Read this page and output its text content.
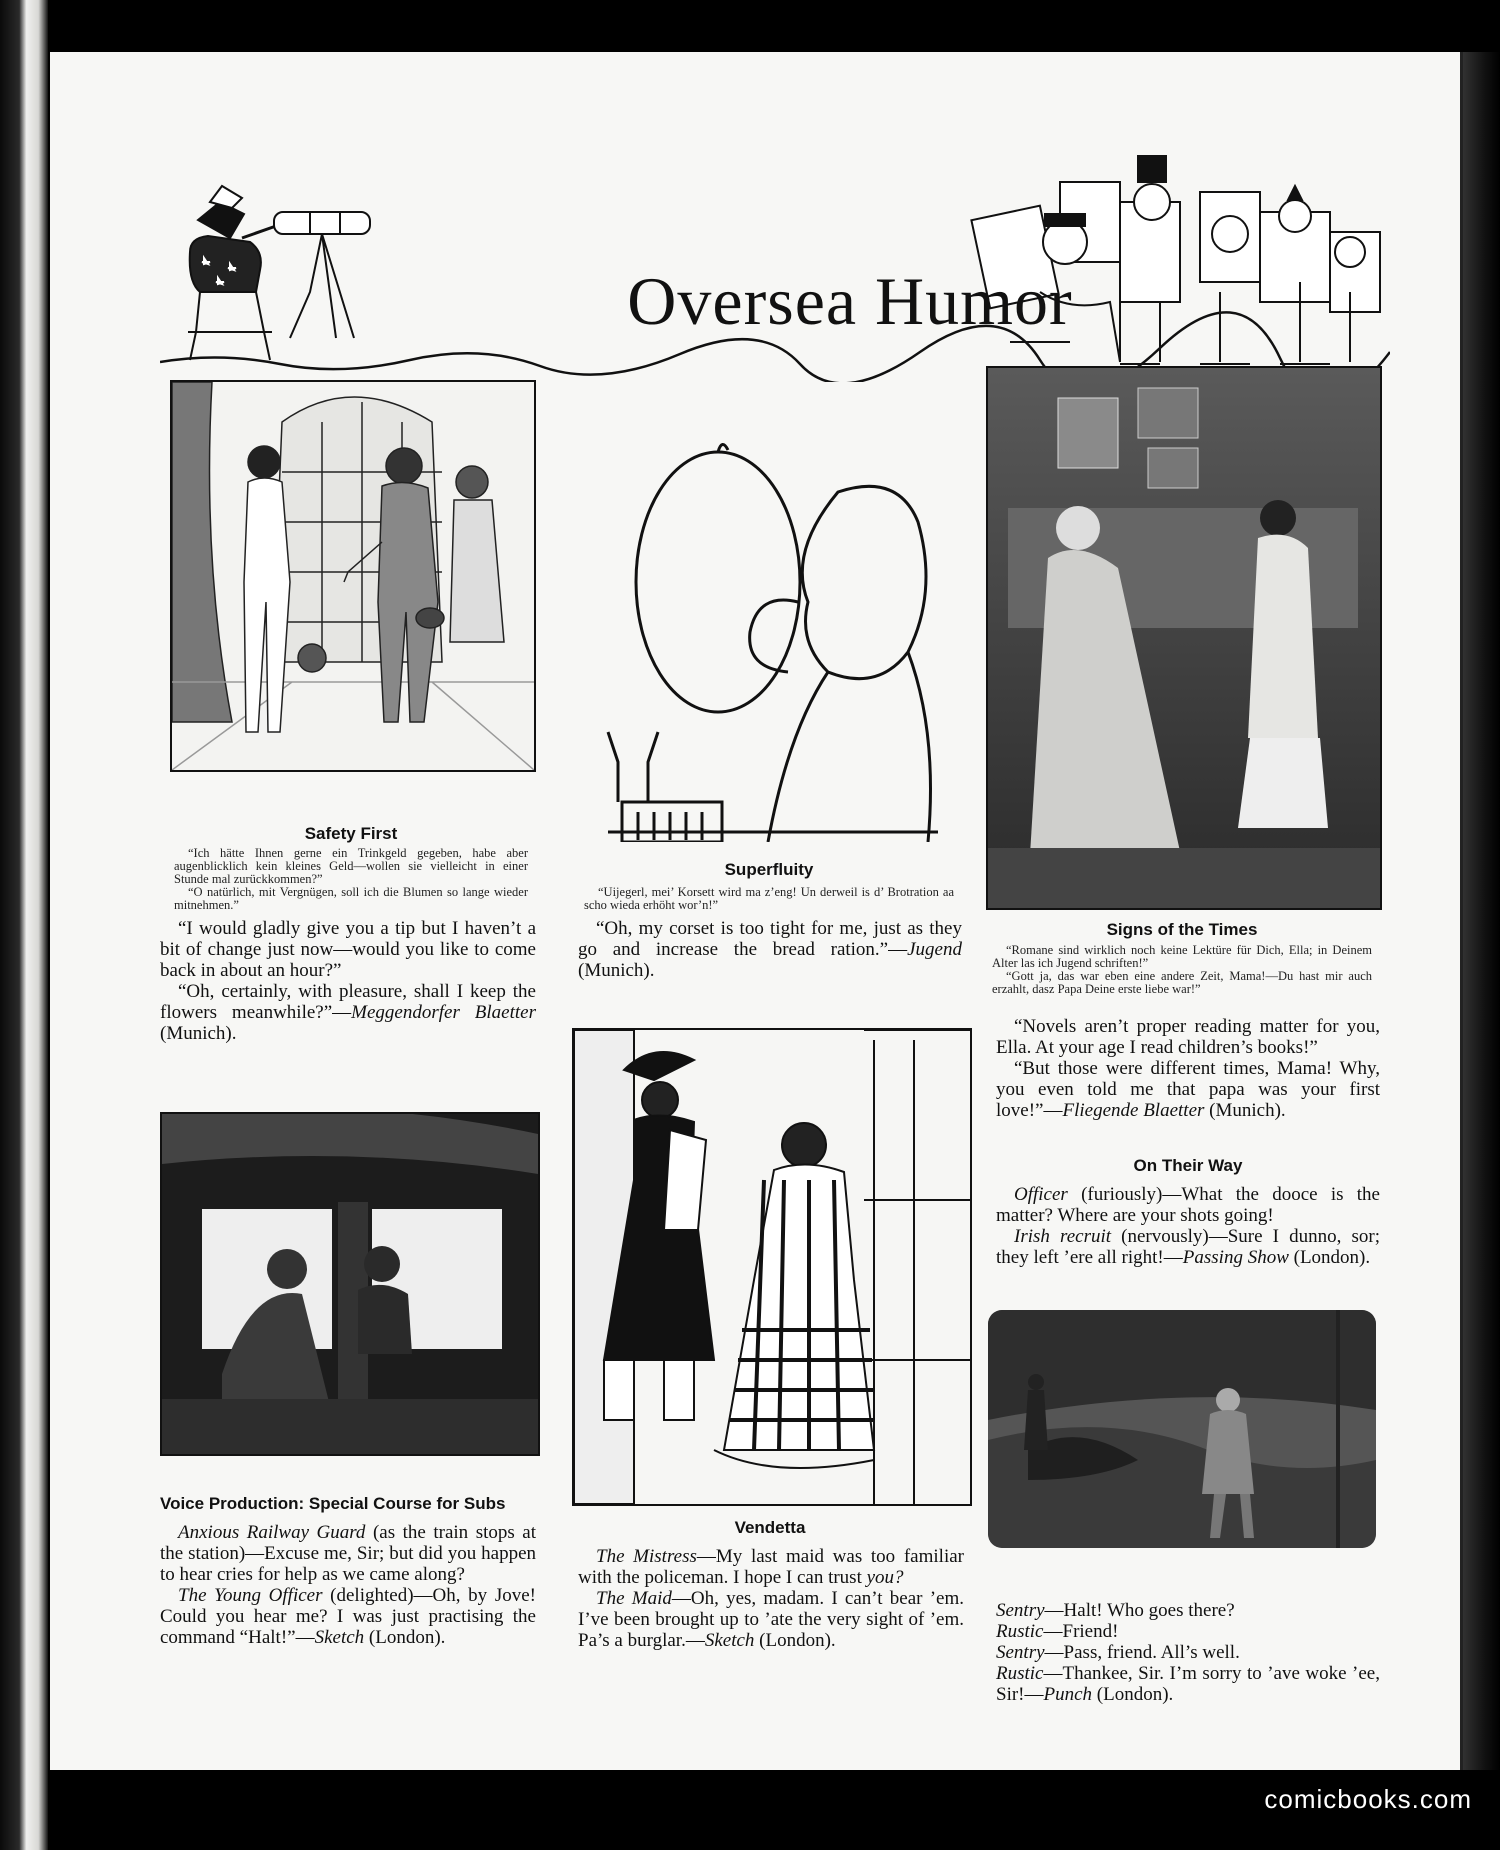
Oversea Humor
Safety First

“Ich hätte Ihnen gerne ein Trinkgeld gegeben, habe aber augenblicklich kein kleines Geld—wollen sie vielleicht in einer Stunde mal zurückkommen?”

“O natürlich, mit Vergnügen, soll ich die Blumen so lange wieder mitnehmen.”

“I would gladly give you a tip but I haven’t a bit of change just now—would you like to come back in about an hour?”

“Oh, certainly, with pleasure, shall I keep the flowers meanwhile?”—Meggendorfer Blaetter (Munich).

Voice Production: Special Course for Subs

Anxious Railway Guard (as the train stops at the station)—Excuse me, Sir; but did you happen to hear cries for help as we came along?

The Young Officer (delighted)—Oh, by Jove! Could you hear me? I was just practising the command “Halt!”—Sketch (London).

Superfluity
“Uijegerl, mei’ Korsett wird ma z’eng! Un derweil is d’ Brotration aa scho wieda erhöht wor’n!”

“Oh, my corset is too tight for me, just as they go and increase the bread ration.”—Jugend (Munich).

Vendetta

The Mistress—My last maid was too familiar with the policeman. I hope I can trust you?

The Maid—Oh, yes, madam. I can’t bear ’em. I’ve been brought up to ’ate the very sight of ’em. Pa’s a burglar.—Sketch (London).

Signs of the Times

“Romane sind wirklich noch keine Lektüre für Dich, Ella; in Deinem Alter las ich Jugend schriften!”

“Gott ja, das war eben eine andere Zeit, Mama!—Du hast mir auch erzahlt, dasz Papa Deine erste liebe war!”

“Novels aren’t proper reading matter for you, Ella. At your age I read children’s books!”

“But those were different times, Mama! Why, you even told me that papa was your first love!”—Fliegende Blaetter (Munich).

On Their Way

Officer (furiously)—What the dooce is the matter? Where are your shots going!

Irish recruit (nervously)—Sure I dunno, sor; they left ’ere all right!—Passing Show (London).

Sentry—Halt! Who goes there?
Rustic—Friend!
Sentry—Pass, friend. All’s well.
Rustic—Thankee, Sir. I’m sorry to ’ave woke ’ee, Sir!—Punch (London).
comicbooks.com
